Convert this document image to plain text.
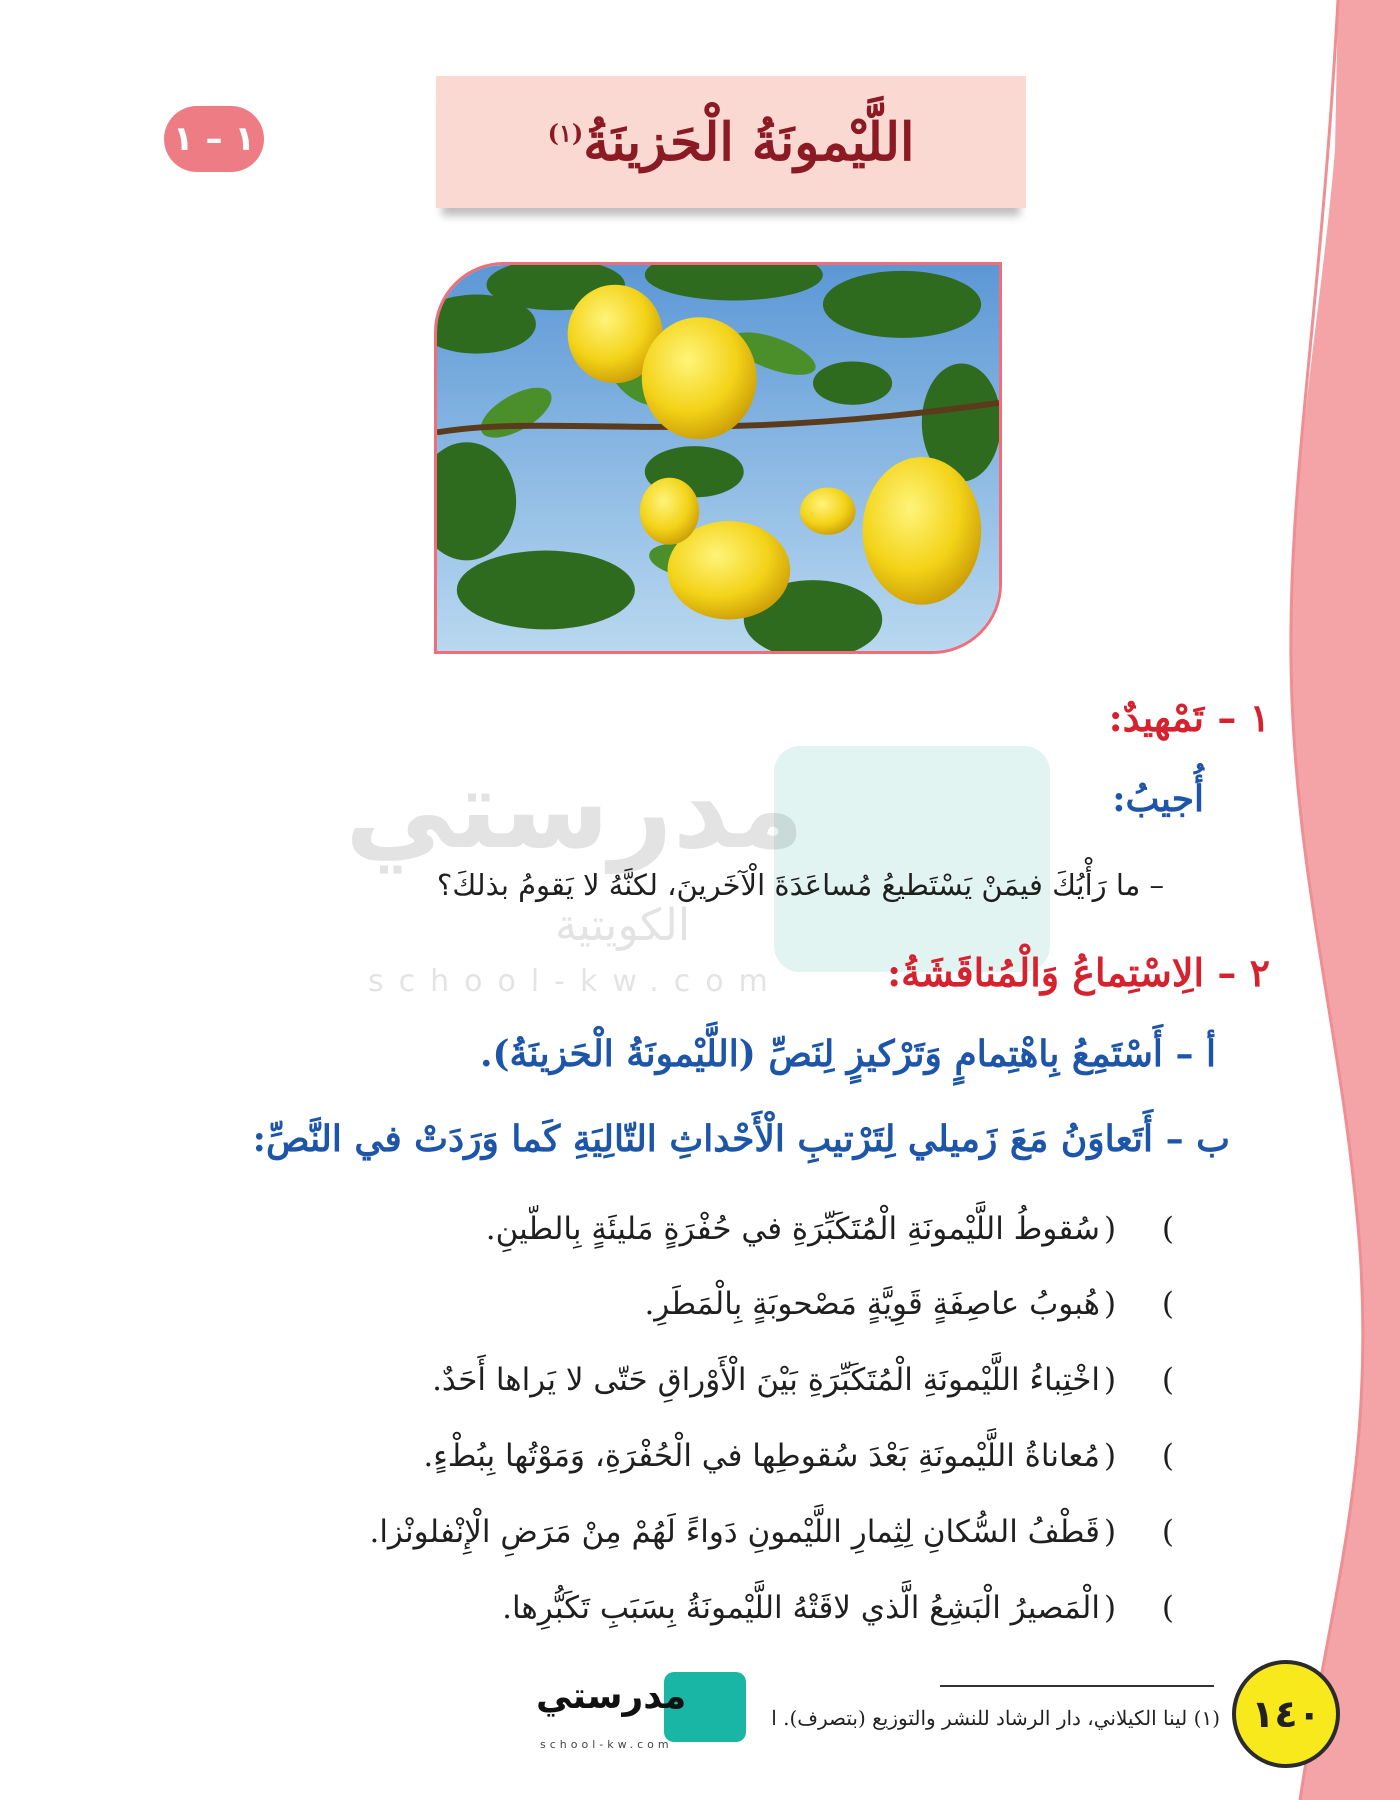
مدرستي
الكويتية
school-kw.com
١ – ١	اللَّيْمونَةُ الْحَزينَةُ$^{(١)}$
١ – تَمْهيدٌ:
أُجيبُ:
– ما رَأْيُكَ فيمَنْ يَسْتَطيعُ مُساعَدَةَ الْآخَرينَ، لكنَّهُ لا يَقومُ بذلكَ؟
٢ – الِاسْتِماعُ وَالْمُناقَشَةُ:
أ – أَسْتَمِعُ بِاهْتِمامٍ وَتَرْكيزٍ لِنَصِّ (اللَّيْمونَةُ الْحَزينَةُ).
ب – أَتَعاوَنُ مَعَ زَميلي لِتَرْتيبِ الْأَحْداثِ التّالِيَةِ كَما وَرَدَتْ في النَّصِّ:
) (
سُقوطُ اللَّيْمونَةِ الْمُتَكَبِّرَةِ في حُفْرَةٍ مَليئَةٍ بِالطّينِ.
) (
هُبوبُ عاصِفَةٍ قَوِيَّةٍ مَصْحوبَةٍ بِالْمَطَرِ.
) (
اخْتِباءُ اللَّيْمونَةِ الْمُتَكَبِّرَةِ بَيْنَ الْأَوْراقِ حَتّى لا يَراها أَحَدٌ.
) (
مُعاناةُ اللَّيْمونَةِ بَعْدَ سُقوطِها في الْحُفْرَةِ، وَمَوْتُها بِبُطْءٍ.
) (
قَطْفُ السُّكانِ لِثِمارِ اللَّيْمونِ دَواءً لَهُمْ مِنْ مَرَضِ الْإِنْفلونْزا.
) (
الْمَصيرُ الْبَشِعُ الَّذي لاقَتْهُ اللَّيْمونَةُ بِسَبَبِ تَكَبُّرِها.
(١) لينا الكيلاني، دار الرشاد للنشر والتوزيع (بتصرف). ا
مدرستي
school-kw.com
١٤٠
